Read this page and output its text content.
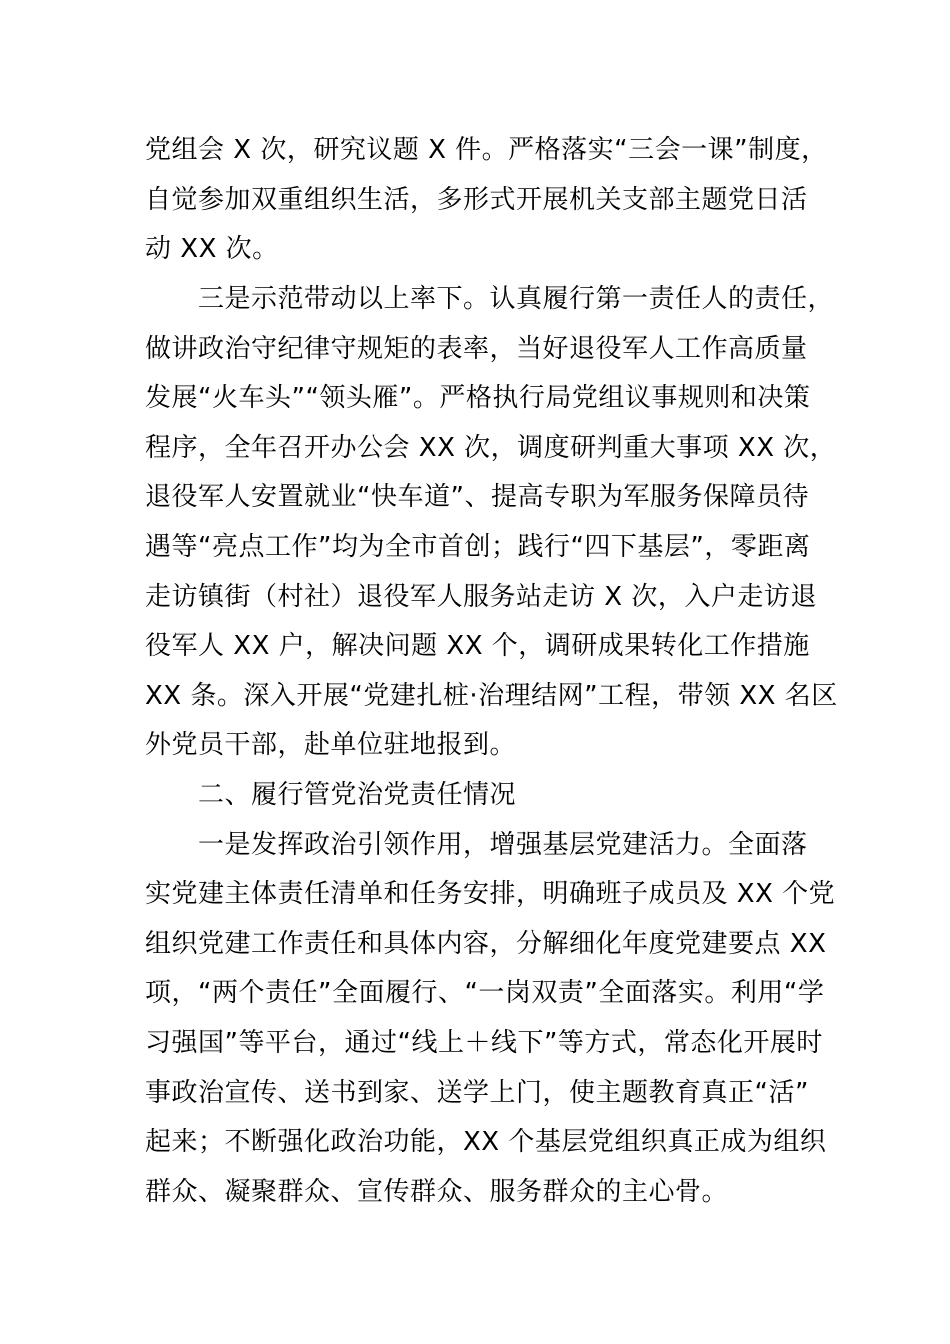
党组会 X 次，研究议题 X 件。严格落实“三会一课”制度，
自觉参加双重组织生活，多形式开展机关支部主题党日活
动 XX 次。
三是示范带动以上率下。认真履行第一责任人的责任，
做讲政治守纪律守规矩的表率，当好退役军人工作高质量
发展“火车头”“领头雁”。严格执行局党组议事规则和决策
程序，全年召开办公会 XX 次，调度研判重大事项 XX 次，
退役军人安置就业“快车道”、提高专职为军服务保障员待
遇等“亮点工作”均为全市首创；践行“四下基层”，零距离
走访镇街（村社）退役军人服务站走访 X 次，入户走访退
役军人 XX 户，解决问题 XX 个，调研成果转化工作措施
XX 条。深入开展“党建扎桩·治理结网”工程，带领 XX 名区
外党员干部，赴单位驻地报到。
二、履行管党治党责任情况
一是发挥政治引领作用，增强基层党建活力。全面落
实党建主体责任清单和任务安排，明确班子成员及 XX 个党
组织党建工作责任和具体内容，分解细化年度党建要点 XX
项，“两个责任”全面履行、“一岗双责”全面落实。利用“学
习强国”等平台，通过“线上＋线下”等方式，常态化开展时
事政治宣传、送书到家、送学上门，使主题教育真正“活”
起来；不断强化政治功能，XX 个基层党组织真正成为组织
群众、凝聚群众、宣传群众、服务群众的主心骨。
